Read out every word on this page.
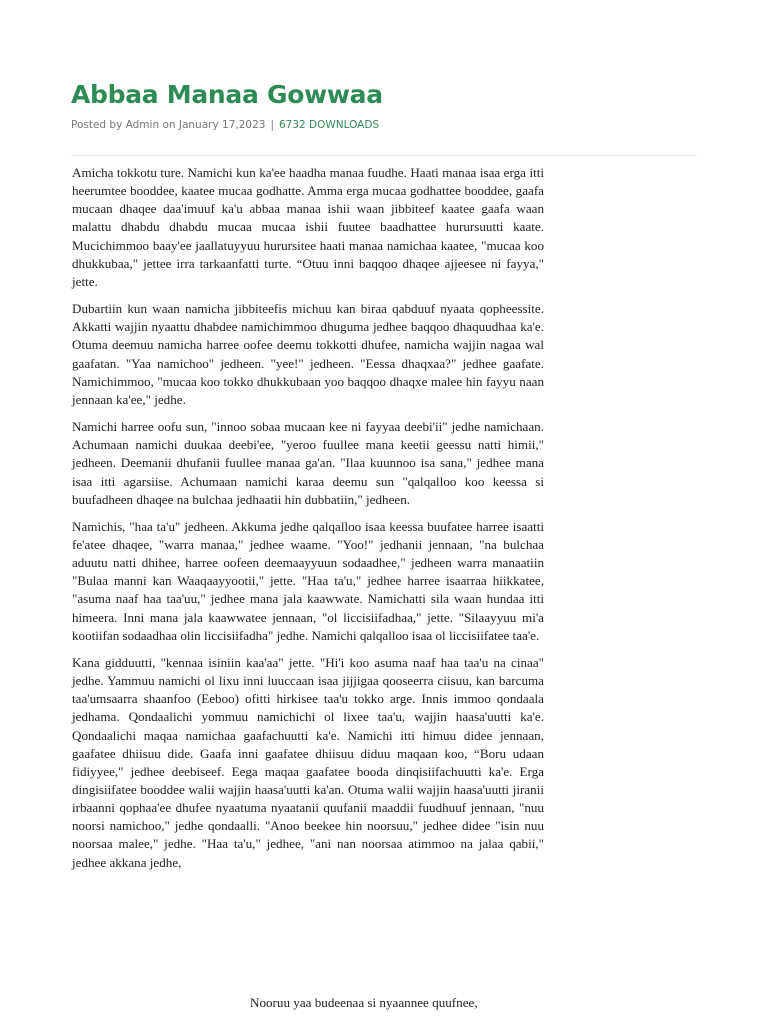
Abbaa Manaa Gowwaa
Posted by Admin on January 17,2023 | 6732 DOWNLOADS

Amicha tokkotu ture. Namichi kun ka'ee haadha manaa fuudhe. Haati manaa isaa erga itti heerumtee booddee, kaatee mucaa godhatte. Amma erga mucaa godhattee booddee, gaafa mucaan dhaqee daa'imuuf ka'u abbaa manaa ishii waan jibbiteef kaatee gaafa waan malattu dhabdu dhabdu mucaa mucaa ishii fuutee baadhattee hurursuutti kaate. Mucichimmoo baay'ee jaallatuyyuu hurursitee haati manaa namichaa kaatee, "mucaa koo dhukkubaa," jettee irra tarkaanfatti turte. “Otuu inni baqqoo dhaqee ajjeesee ni fayya," jette.

Dubartiin kun waan namicha jibbiteefis michuu kan biraa qabduuf nyaata qopheessite. Akkatti wajjin nyaattu dhabdee namichimmoo dhuguma jedhee baqqoo dhaquudhaa ka'e. Otuma deemuu namicha harree oofee deemu tokkotti dhufee, namicha wajjin nagaa wal gaafatan. "Yaa namichoo" jedheen. "yee!" jedheen. "Eessa dhaqxaa?" jedhee gaafate. Namichimmoo, "mucaa koo tokko dhukkubaan yoo baqqoo dhaqxe malee hin fayyu naan jennaan ka'ee," jedhe.

Namichi harree oofu sun, "innoo sobaa mucaan kee ni fayyaa deebi'ii" jedhe namichaan. Achumaan namichi duukaa deebi'ee, "yeroo fuullee mana keetii geessu natti himii," jedheen. Deemanii dhufanii fuullee manaa ga'an. "Ilaa kuunnoo isa sana," jedhee mana isaa itti agarsiise. Achumaan namichi karaa deemu sun "qalqalloo koo keessa si buufadheen dhaqee na bulchaa jedhaatii hin dubbatiin," jedheen.

Namichis, "haa ta'u" jedheen. Akkuma jedhe qalqalloo isaa keessa buufatee harree isaatti fe'atee dhaqee, "warra manaa," jedhee waame. "Yoo!" jedhanii jennaan, "na bulchaa aduutu natti dhihee, harree oofeen deemaayyuun sodaadhee," jedheen warra manaatiin "Bulaa manni kan Waaqaayyootii," jette. "Haa ta'u," jedhee harree isaarraa hiikkatee, "asuma naaf haa taa'uu," jedhee mana jala kaawwate. Namichatti sila waan hundaa itti himeera. Inni mana jala kaawwatee jennaan, "ol liccisiifadhaa," jette. "Silaayyuu mi'a kootiifan sodaadhaa olin liccisiifadha" jedhe. Namichi qalqalloo isaa ol liccisiifatee taa'e.

Kana gidduutti, "kennaa isiniin kaa'aa" jette. "Hi'i koo asuma naaf haa taa'u na cinaa" jedhe. Yammuu namichi ol lixu inni luuccaan isaa jijjigaa qooseerra ciisuu, kan barcuma taa'umsaarra shaanfoo (Eeboo) ofitti hirkisee taa'u tokko arge. Innis immoo qondaala jedhama. Qondaalichi yommuu namichichi ol lixee taa'u, wajjin haasa'uutti ka'e. Qondaalichi maqaa namichaa gaafachuutti ka'e. Namichi itti himuu didee jennaan, gaafatee dhiisuu dide. Gaafa inni gaafatee dhiisuu diduu maqaan koo, “Boru udaan fidiyyee," jedhee deebiseef. Eega maqaa gaafatee booda dinqisiifachuutti ka'e. Erga dingisiifatee booddee walii wajjin haasa'uutti ka'an. Otuma walii wajjin haasa'uutti jiranii irbaanni qophaa'ee dhufee nyaatuma nyaatanii quufanii maaddii fuudhuuf jennaan, "nuu noorsi namichoo," jedhe qondaalli. "Anoo beekee hin noorsuu," jedhee didee "isin nuu noorsaa malee," jedhe. "Haa ta'u," jedhee, "ani nan noorsaa atimmoo na jalaa qabii," jedhee akkana jedhe,

Nooruu yaa budeenaa si nyaannee quufnee,
